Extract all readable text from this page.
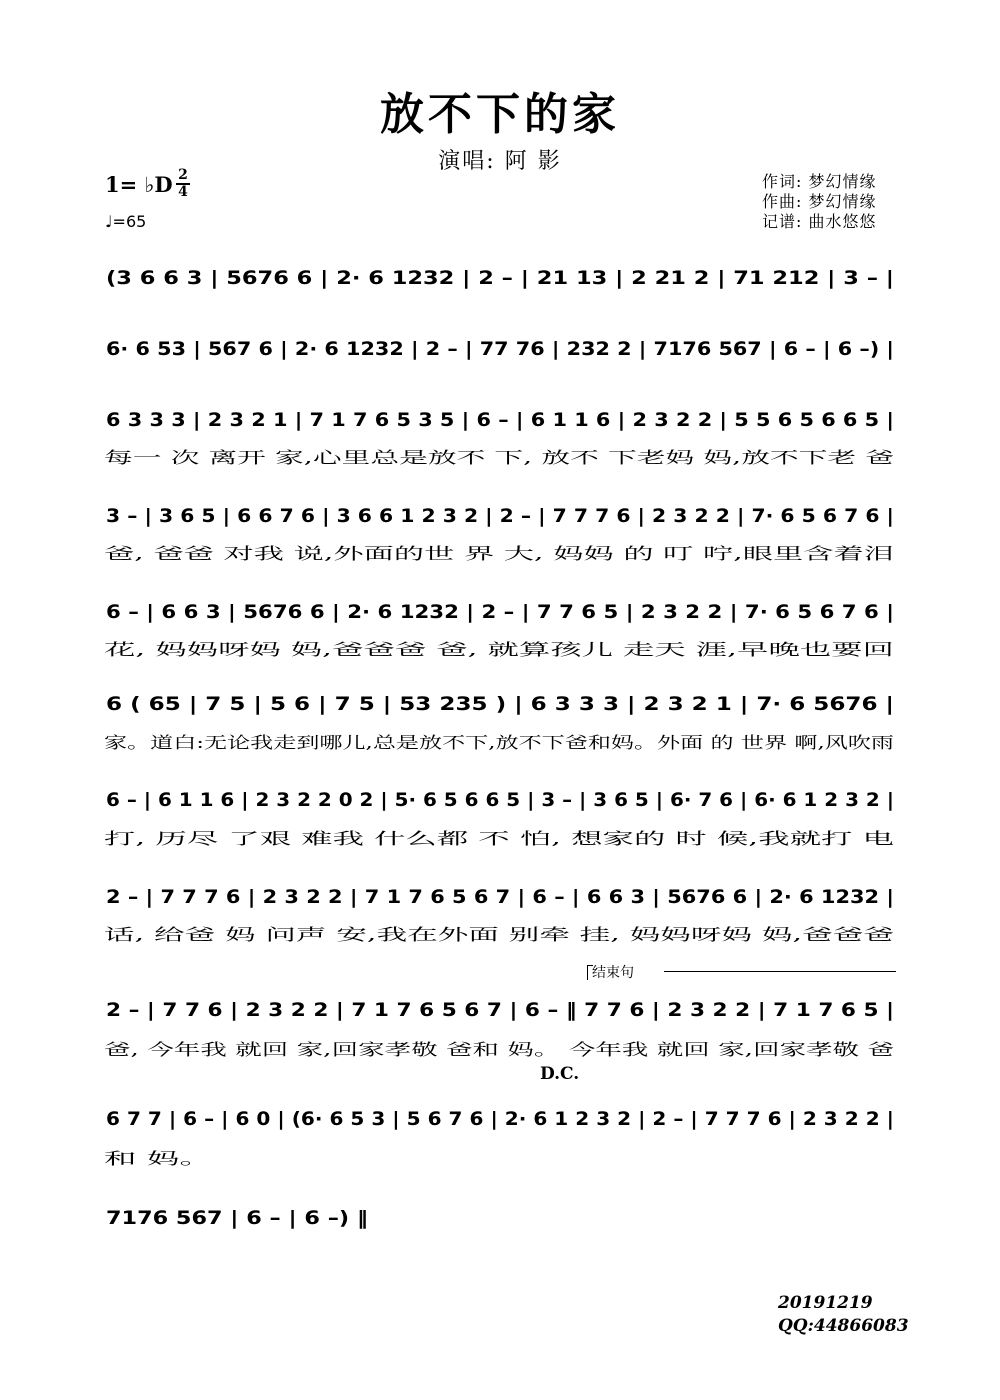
放不下的家
演唱: 阿 影
1= ♭D 2
4
♩=65
作词: 梦幻情缘
作曲: 梦幻情缘
记谱: 曲水悠悠
(3 6 6 3 | 5676 6 | 2· 6 1232 | 2 – | 21 13 | 2 21 2 | 71 212 | 3 – |
6· 6 53 | 567 6 | 2· 6 1232 | 2 – | 77 76 | 232 2 | 7176 567 | 6 – | 6 –) |
6 3 3 3 | 2 3 2 1 | 7 1 7 6 5 3 5 | 6 – | 6 1 1 6 | 2 3 2 2 | 5 5 6 5 6 6 5 |
每一 次 离开 家,心里总是放不 下, 放不 下老妈 妈,放不下老 爸
3 – | 3 6 5 | 6 6 7 6 | 3 6 6 1 2 3 2 | 2 – | 7 7 7 6 | 2 3 2 2 | 7· 6 5 6 7 6 |
爸, 爸爸 对我 说,外面的世 界 大, 妈妈 的 叮 咛,眼里含着泪
6 – | 6 6 3 | 5676 6 | 2· 6 1232 | 2 – | 7 7 6 5 | 2 3 2 2 | 7· 6 5 6 7 6 |
花, 妈妈呀妈 妈,爸爸爸 爸, 就算孩儿 走天 涯,早晚也要回
6 ( 65 | 7 5 | 5 6 | 7 5 | 53 235 ) | 6 3 3 3 | 2 3 2 1 | 7· 6 5676 |
家。道白:无论我走到哪儿,总是放不下,放不下爸和妈。外面 的 世界 啊,风吹雨
6 – | 6 1 1 6 | 2 3 2 2 0 2 | 5· 6 5 6 6 5 | 3 – | 3 6 5 | 6· 7 6 | 6· 6 1 2 3 2 |
打, 历尽 了艰 难我 什么都 不 怕, 想家的 时 候,我就打 电
2 – | 7 7 7 6 | 2 3 2 2 | 7 1 7 6 5 6 7 | 6 – | 6 6 3 | 5676 6 | 2· 6 1232 |
话, 给爸 妈 问声 安,我在外面 别牵 挂, 妈妈呀妈 妈,爸爸爸
2 – | 7 7 6 | 2 3 2 2 | 7 1 7 6 5 6 7 | 6 – ‖ 7 7 6 | 2 3 2 2 | 7 1 7 6 5 |
爸, 今年我 就回 家,回家孝敬 爸和 妈。 今年我 就回 家,回家孝敬 爸
6 7 7 | 6 – | 6 0 | (6· 6 5 3 | 5 6 7 6 | 2· 6 1 2 3 2 | 2 – | 7 7 7 6 | 2 3 2 2 |
和 妈。
7176 567 | 6 – | 6 –) ‖
结束句
D.C.
20191219
QQ:44866083
